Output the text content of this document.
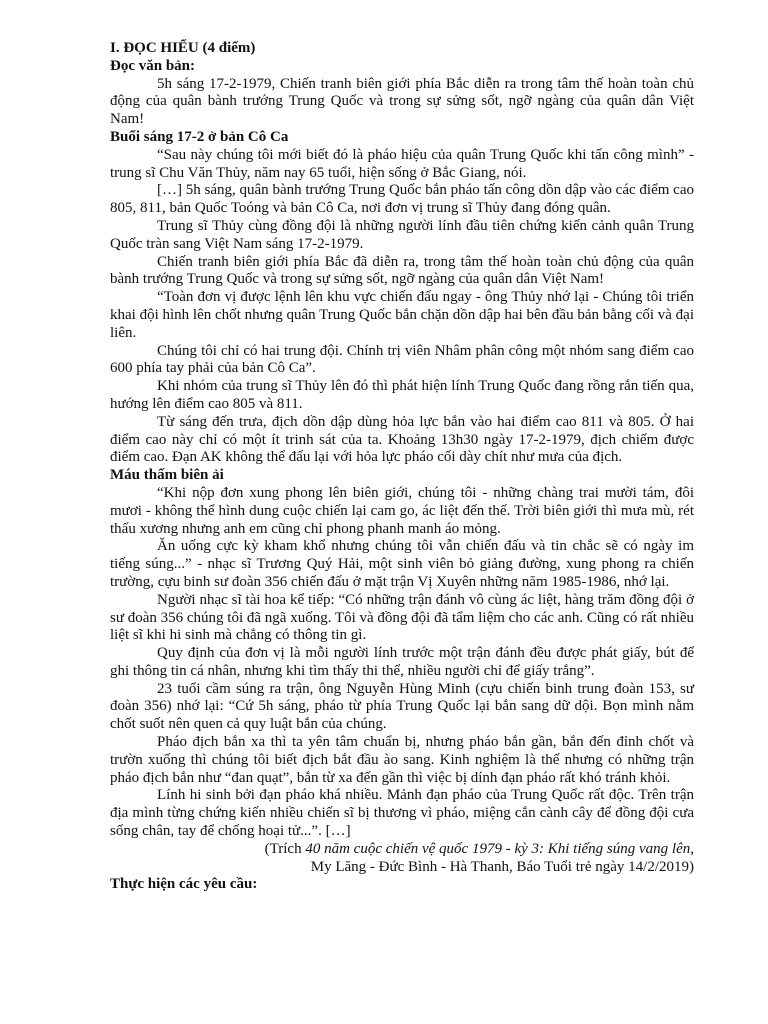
I. ĐỌC HIỂU (4 điểm)

Đọc văn bản:

5h sáng 17-2-1979, Chiến tranh biên giới phía Bắc diễn ra trong tâm thế hoàn toàn chủ động của quân bành trướng Trung Quốc và trong sự sửng sốt, ngỡ ngàng của quân dân Việt Nam!

Buổi sáng 17-2 ở bản Cô Ca

“Sau này chúng tôi mới biết đó là pháo hiệu của quân Trung Quốc khi tấn công mình” - trung sĩ Chu Văn Thủy, năm nay 65 tuổi, hiện sống ở Bắc Giang, nói.

[…] 5h sáng, quân bành trướng Trung Quốc bắn pháo tấn công dồn dập vào các điểm cao 805, 811, bản Quốc Toóng và bản Cô Ca, nơi đơn vị trung sĩ Thủy đang đóng quân.

Trung sĩ Thủy cùng đồng đội là những người lính đầu tiên chứng kiến cảnh quân Trung Quốc tràn sang Việt Nam sáng 17-2-1979.

Chiến tranh biên giới phía Bắc đã diễn ra, trong tâm thế hoàn toàn chủ động của quân bành trướng Trung Quốc và trong sự sửng sốt, ngỡ ngàng của quân dân Việt Nam!

“Toàn đơn vị được lệnh lên khu vực chiến đấu ngay - ông Thủy nhớ lại - Chúng tôi triển khai đội hình lên chốt nhưng quân Trung Quốc bắn chặn dồn dập hai bên đầu bản bằng cối và đại liên.

Chúng tôi chỉ có hai trung đội. Chính trị viên Nhâm phân công một nhóm sang điểm cao 600 phía tay phải của bản Cô Ca”.

Khi nhóm của trung sĩ Thủy lên đó thì phát hiện lính Trung Quốc đang rồng rắn tiến qua, hướng lên điểm cao 805 và 811.

Từ sáng đến trưa, địch dồn dập dùng hỏa lực bắn vào hai điểm cao 811 và 805. Ở hai điểm cao này chỉ có một ít trinh sát của ta. Khoảng 13h30 ngày 17-2-1979, địch chiếm được điểm cao. Đạn AK không thể đấu lại với hỏa lực pháo cối dày chít như mưa của địch.

Máu thấm biên ải

“Khi nộp đơn xung phong lên biên giới, chúng tôi - những chàng trai mười tám, đôi mươi - không thể hình dung cuộc chiến lại cam go, ác liệt đến thế. Trời biên giới thì mưa mù, rét thấu xương nhưng anh em cũng chỉ phong phanh manh áo mỏng.

Ăn uống cực kỳ kham khổ nhưng chúng tôi vẫn chiến đấu và tin chắc sẽ có ngày im tiếng súng...” - nhạc sĩ Trương Quý Hải, một sinh viên bỏ giảng đường, xung phong ra chiến trường, cựu binh sư đoàn 356 chiến đấu ở mặt trận Vị Xuyên những năm 1985-1986, nhớ lại.

Người nhạc sĩ tài hoa kể tiếp: “Có những trận đánh vô cùng ác liệt, hàng trăm đồng đội ở sư đoàn 356 chúng tôi đã ngã xuống. Tôi và đồng đội đã tẩm liệm cho các anh. Cũng có rất nhiều liệt sĩ khi hi sinh mà chẳng có thông tin gì.

Quy định của đơn vị là mỗi người lính trước một trận đánh đều được phát giấy, bút để ghi thông tin cá nhân, nhưng khi tìm thấy thi thể, nhiều người chỉ để giấy trắng”.

23 tuổi cầm súng ra trận, ông Nguyễn Hùng Minh (cựu chiến binh trung đoàn 153, sư đoàn 356) nhớ lại: “Cứ 5h sáng, pháo từ phía Trung Quốc lại bắn sang dữ dội. Bọn mình nằm chốt suốt nên quen cả quy luật bắn của chúng.

Pháo địch bắn xa thì ta yên tâm chuẩn bị, nhưng pháo bắn gần, bắn đến đỉnh chốt và trườn xuống thì chúng tôi biết địch bắt đầu ào sang. Kinh nghiệm là thế nhưng có những trận pháo địch bắn như “đan quạt”, bắn từ xa đến gần thì việc bị dính đạn pháo rất khó tránh khỏi.

Lính hi sinh bởi đạn pháo khá nhiều. Mảnh đạn pháo của Trung Quốc rất độc. Trên trận địa mình từng chứng kiến nhiều chiến sĩ bị thương vì pháo, miệng cắn cành cây để đồng đội cưa sống chân, tay để chống hoại tử...”. […]

(Trích 40 năm cuộc chiến vệ quốc 1979 - kỳ 3: Khi tiếng súng vang lên,

My Lăng - Đức Bình - Hà Thanh, Báo Tuổi trẻ ngày 14/2/2019)

Thực hiện các yêu cầu:
